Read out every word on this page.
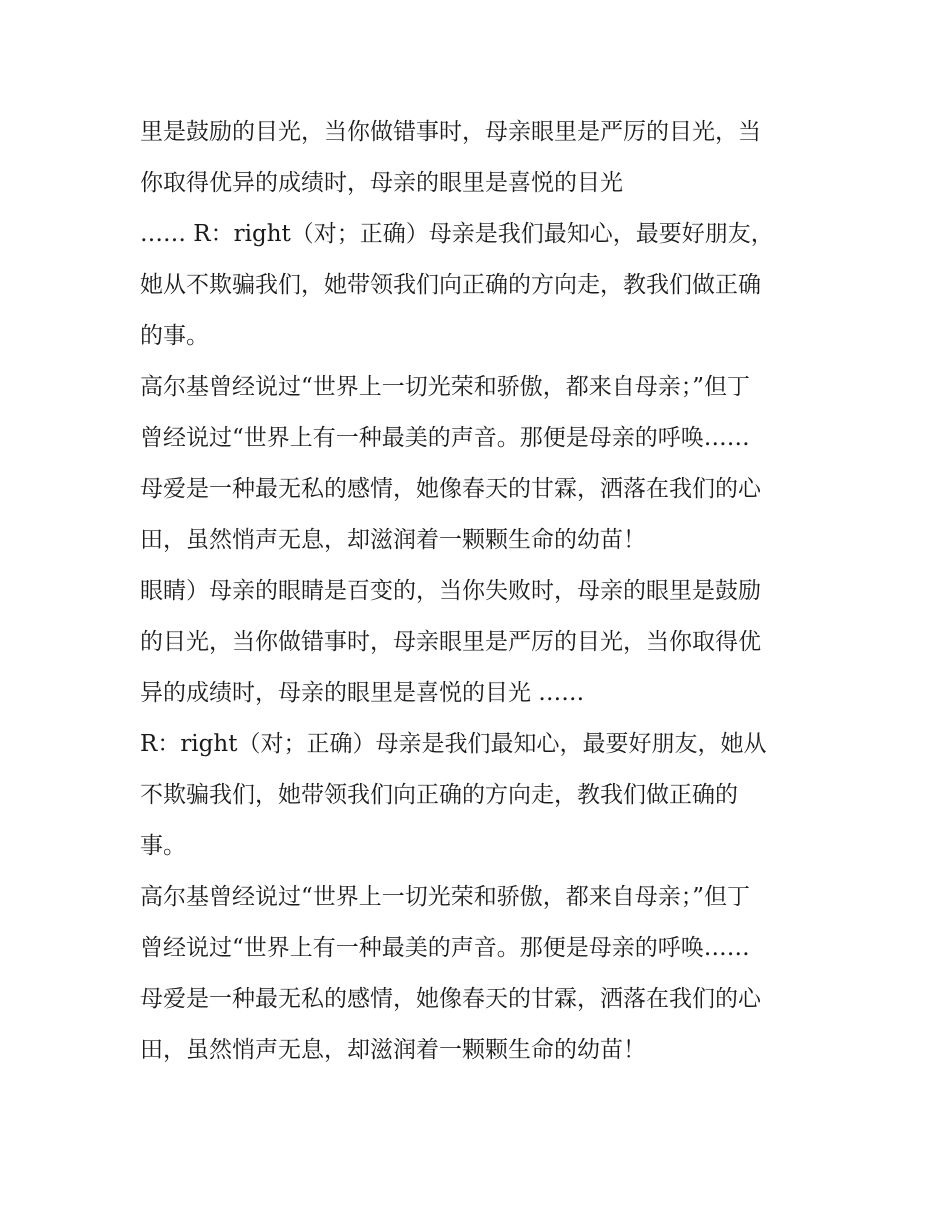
里是鼓励的目光，当你做错事时，母亲眼里是严厉的目光，当
你取得优异的成绩时，母亲的眼里是喜悦的目光

…… R：right（对；正确）母亲是我们最知心，最要好朋友，
她从不欺骗我们，她带领我们向正确的方向走，教我们做正确
的事。

高尔基曾经说过“世界上一切光荣和骄傲，都来自母亲；”但丁
曾经说过“世界上有一种最美的声音。那便是母亲的呼唤……

母爱是一种最无私的感情，她像春天的甘霖，洒落在我们的心
田，虽然悄声无息，却滋润着一颗颗生命的幼苗！

眼睛）母亲的眼睛是百变的，当你失败时，母亲的眼里是鼓励
的目光，当你做错事时，母亲眼里是严厉的目光，当你取得优
异的成绩时，母亲的眼里是喜悦的目光 ……

R：right（对；正确）母亲是我们最知心，最要好朋友，她从
不欺骗我们，她带领我们向正确的方向走，教我们做正确的
事。

高尔基曾经说过“世界上一切光荣和骄傲，都来自母亲；”但丁
曾经说过“世界上有一种最美的声音。那便是母亲的呼唤……

母爱是一种最无私的感情，她像春天的甘霖，洒落在我们的心
田，虽然悄声无息，却滋润着一颗颗生命的幼苗！
